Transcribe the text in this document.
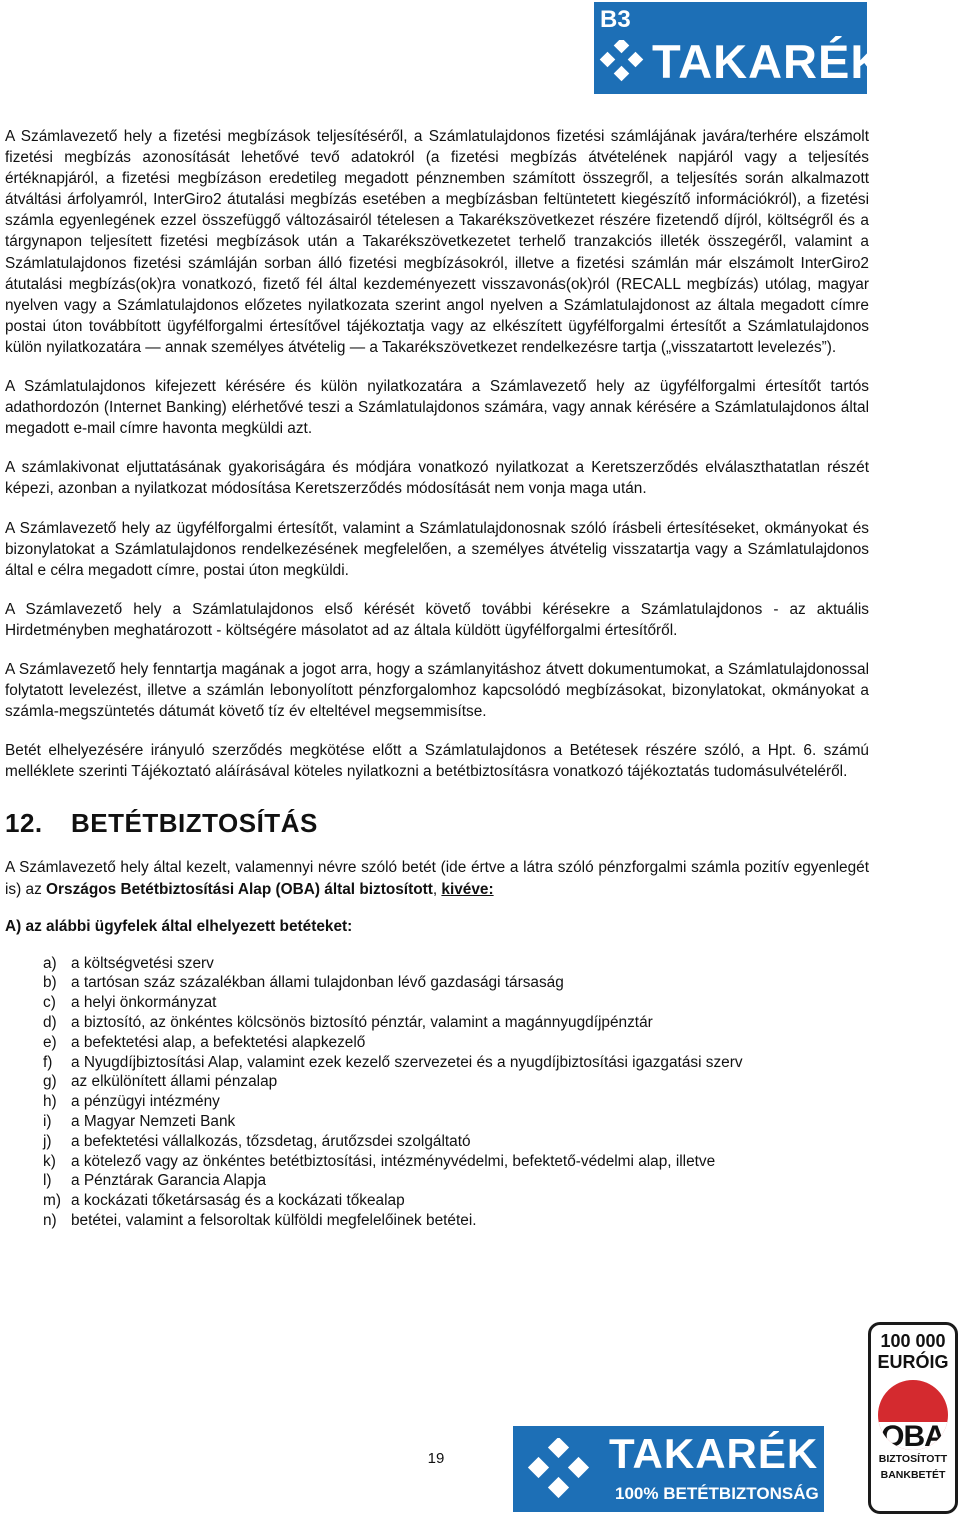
B3
TAKARÉK

A Számlavezető hely a fizetési megbízások teljesítéséről, a Számlatulajdonos fizetési számlájának javára/terhére elszámolt fizetési megbízás azonosítását lehetővé tevő adatokról (a fizetési megbízás átvételének napjáról vagy a teljesítés értéknapjáról, a fizetési megbízáson eredetileg megadott pénznemben számított összegről, a teljesítés során alkalmazott átváltási árfolyamról, InterGiro2 átutalási megbízás esetében a megbízásban feltüntetett kiegészítő információkról), a fizetési számla egyenlegének ezzel összefüggő változásairól tételesen a Takarékszövetkezet részére fizetendő díjról, költségről és a tárgynapon teljesített fizetési megbízások után a Takarékszövetkezetet terhelő tranzakciós illeték összegéről, valamint a Számlatulajdonos fizetési számláján sorban álló fizetési megbízásokról, illetve a fizetési számlán már elszámolt InterGiro2 átutalási megbízás(ok)ra vonatkozó, fizető fél által kezdeményezett visszavonás(ok)ról (RECALL megbízás) utólag, magyar nyelven vagy a Számlatulajdonos előzetes nyilatkozata szerint angol nyelven a Számlatulajdonost az általa megadott címre postai úton továbbított ügyfélforgalmi értesítővel tájékoztatja vagy az elkészített ügyfélforgalmi értesítőt a Számlatulajdonos külön nyilatkozatára — annak személyes átvételig — a Takarékszövetkezet rendelkezésre tartja („visszatartott levelezés”).

A Számlatulajdonos kifejezett kérésére és külön nyilatkozatára a Számlavezető hely az ügyfélforgalmi értesítőt tartós adathordozón (Internet Banking) elérhetővé teszi a Számlatulajdonos számára, vagy annak kérésére a Számlatulajdonos által megadott e-mail címre havonta megküldi azt.

A számlakivonat eljuttatásának gyakoriságára és módjára vonatkozó nyilatkozat a Keretszerződés elválaszthatatlan részét képezi, azonban a nyilatkozat módosítása Keretszerződés módosítását nem vonja maga után.

A Számlavezető hely az ügyfélforgalmi értesítőt, valamint a Számlatulajdonosnak szóló írásbeli értesítéseket, okmányokat és bizonylatokat a Számlatulajdonos rendelkezésének megfelelően, a személyes átvételig visszatartja vagy a Számlatulajdonos által e célra megadott címre, postai úton megküldi.

A Számlavezető hely a Számlatulajdonos első kérését követő további kérésekre a Számlatulajdonos - az aktuális Hirdetményben meghatározott - költségére másolatot ad az általa küldött ügyfélforgalmi értesítőről.

A Számlavezető hely fenntartja magának a jogot arra, hogy a számlanyitáshoz átvett dokumentumokat, a Számlatulajdonossal folytatott levelezést, illetve a számlán lebonyolított pénzforgalomhoz kapcsolódó megbízásokat, bizonylatokat, okmányokat a számla-megszüntetés dátumát követő tíz év elteltével megsemmisítse.

Betét elhelyezésére irányuló szerződés megkötése előtt a Számlatulajdonos a Betétesek részére szóló, a Hpt. 6. számú melléklete szerinti Tájékoztató aláírásával köteles nyilatkozni a betétbiztosításra vonatkozó tájékoztatás tudomásulvételéről.

12. BETÉTBIZTOSÍTÁS

A Számlavezető hely által kezelt, valamennyi névre szóló betét (ide értve a látra szóló pénzforgalmi számla pozitív egyenlegét is) az Országos Betétbiztosítási Alap (OBA) által biztosított, kivéve:

A) az alábbi ügyfelek által elhelyezett betéteket:
a) a költségvetési szerv
b) a tartósan száz százalékban állami tulajdonban lévő gazdasági társaság
c) a helyi önkormányzat
d) a biztosító, az önkéntes kölcsönös biztosító pénztár, valamint a magánnyugdíjpénztár
e) a befektetési alap, a befektetési alapkezelő
f) a Nyugdíjbiztosítási Alap, valamint ezek kezelő szervezetei és a nyugdíjbiztosítási igazgatási szerv
g) az elkülönített állami pénzalap
h) a pénzügyi intézmény
i) a Magyar Nemzeti Bank
j) a befektetési vállalkozás, tőzsdetag, árutőzsdei szolgáltató
k) a kötelező vagy az önkéntes betétbiztosítási, intézményvédelmi, befektető-védelmi alap, illetve
l) a Pénztárak Garancia Alapja
m) a kockázati tőketársaság és a kockázati tőkealap
n) betétei, valamint a felsoroltak külföldi megfelelőinek betétei.
19	TAKARÉK
100% BETÉTBIZTONSÁG
100 000
EURÓIG
OBA
BIZTOSÍTOTT
BANKBETÉT
